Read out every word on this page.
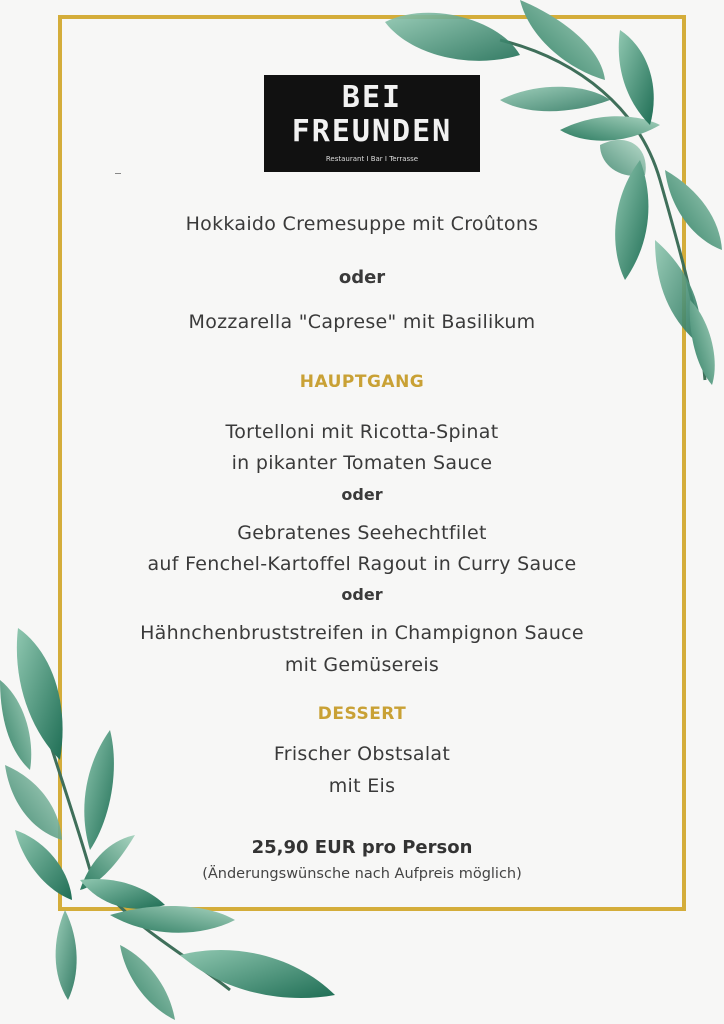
BEI
FREUNDEN
Restaurant I Bar I Terrasse
Hokkaido Cremesuppe mit Croûtons
oder
Mozzarella "Caprese" mit Basilikum
HAUPTGANG
Tortelloni mit Ricotta-Spinat
in pikanter Tomaten Sauce
oder
Gebratenes Seehechtfilet
auf Fenchel-Kartoffel Ragout in Curry Sauce
oder
Hähnchenbruststreifen in Champignon Sauce
mit Gemüsereis
DESSERT
Frischer Obstsalat
mit Eis
25,90 EUR pro Person
(Änderungswünsche nach Aufpreis möglich)
